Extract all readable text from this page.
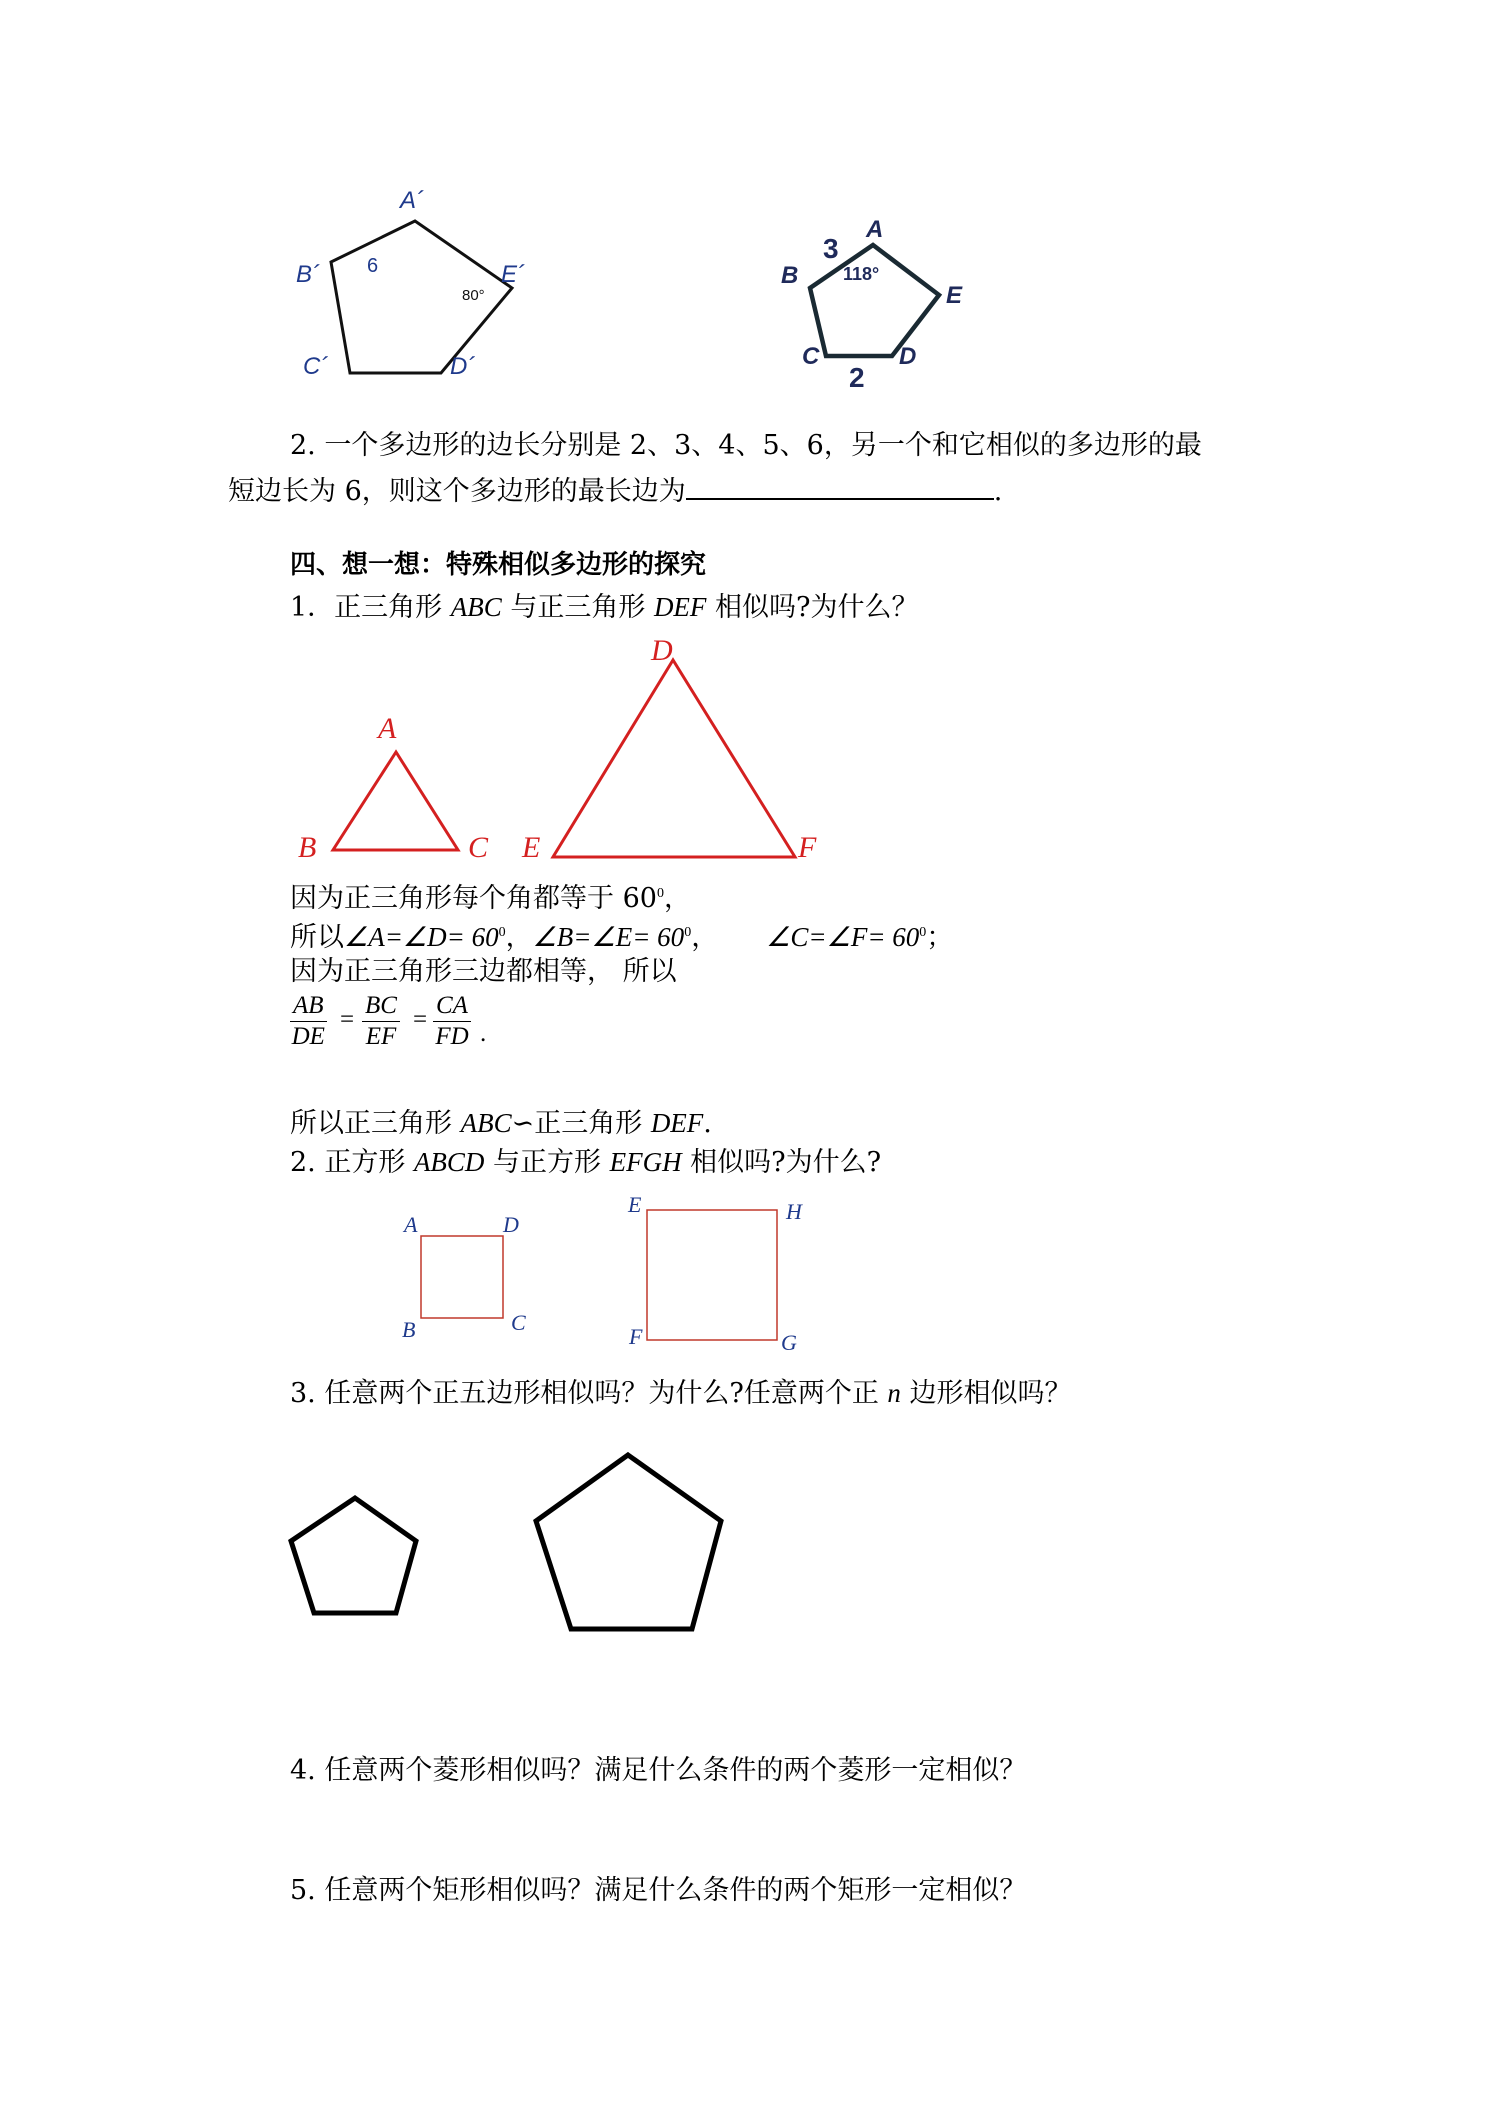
A´
B´
C´	D´
E´
6
80°
A
B
C	D
E
3
2
118°
2. 一个多边形的边长分别是 2、3、4、5、6，另一个和它相似的多边形的最
短边长为 6，则这个多边形的最长边为	.
四、想一想：特殊相似多边形的探究
1．正三角形 ABC 与正三角形 DEF 相似吗?为什么？
A
B	C
D
E	F
因为正三角形每个角都等于 $60^0$，
所以∠A=∠D= $60^0$，∠B=∠E= $60^0$， ∠C=∠F= $60^0$；
因为正三角形三边都相等， 所以
$\frac{AB}{DE} = \frac{BC}{EF} = \frac{CA}{FD}$ .
所以正三角形 ABC∽正三角形 DEF.
2. 正方形 ABCD 与正方形 EFGH 相似吗?为什么?
A	D
B	C
E	H
F	G
3. 任意两个正五边形相似吗？为什么?任意两个正 n 边形相似吗？
4. 任意两个菱形相似吗？满足什么条件的两个菱形一定相似？
5. 任意两个矩形相似吗？满足什么条件的两个矩形一定相似？
